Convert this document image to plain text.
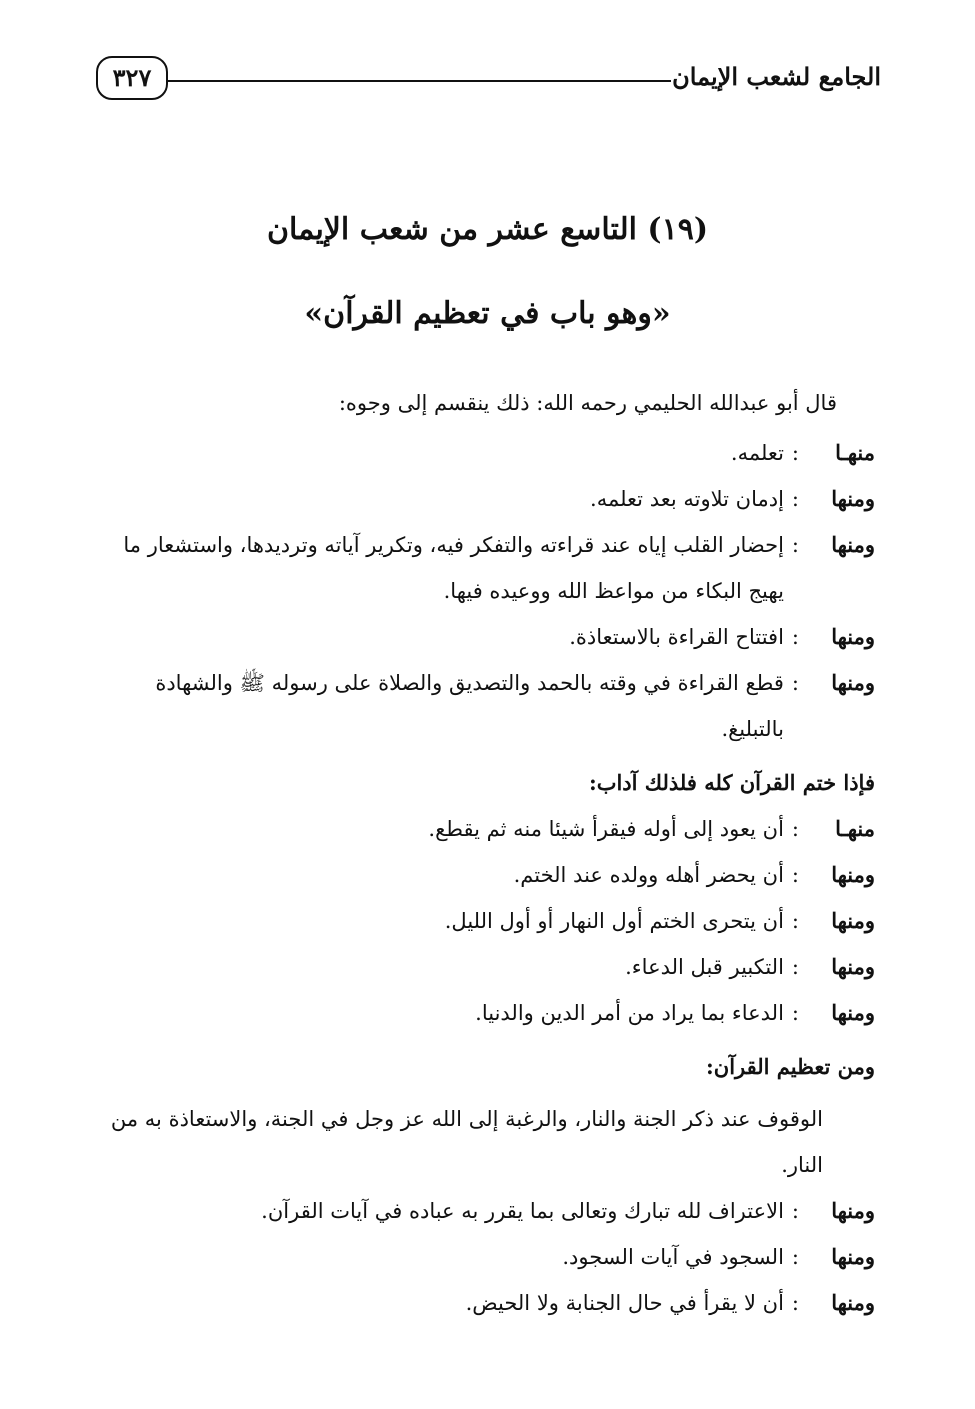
الجامع لشعب الإيمان
٣٢٧
(١٩) التاسع عشر من شعب الإيمان
«وهو باب في تعظيم القرآن»
قال أبو عبدالله الحليمي رحمه الله: ذلك ينقسم إلى وجوه:
منهـا
:
تعلمه.
ومنها
:
إدمان تلاوته بعد تعلمه.
ومنها
:
إحضار القلب إياه عند قراءته والتفكر فيه، وتكرير آياته وترديدها، واستشعار ما يهيج البكاء من مواعظ الله ووعيده فيها.
ومنها
:
افتتاح القراءة بالاستعاذة.
ومنها
:
قطع القراءة في وقته بالحمد والتصديق والصلاة على رسوله ﷺ والشهادة بالتبليغ.
فإذا ختم القرآن كله فلذلك آداب:
منهـا
:
أن يعود إلى أوله فيقرأ شيئا منه ثم يقطع.
ومنها
:
أن يحضر أهله وولده عند الختم.
ومنها
:
أن يتحرى الختم أول النهار أو أول الليل.
ومنها
:
التكبير قبل الدعاء.
ومنها
:
الدعاء بما يراد من أمر الدين والدنيا.
ومن تعظيم القرآن:
الوقوف عند ذكر الجنة والنار، والرغبة إلى الله عز وجل في الجنة، والاستعاذة به من النار.
ومنها
:
الاعتراف لله تبارك وتعالى بما يقرر به عباده في آيات القرآن.
ومنها
:
السجود في آيات السجود.
ومنها
:
أن لا يقرأ في حال الجنابة ولا الحيض.
